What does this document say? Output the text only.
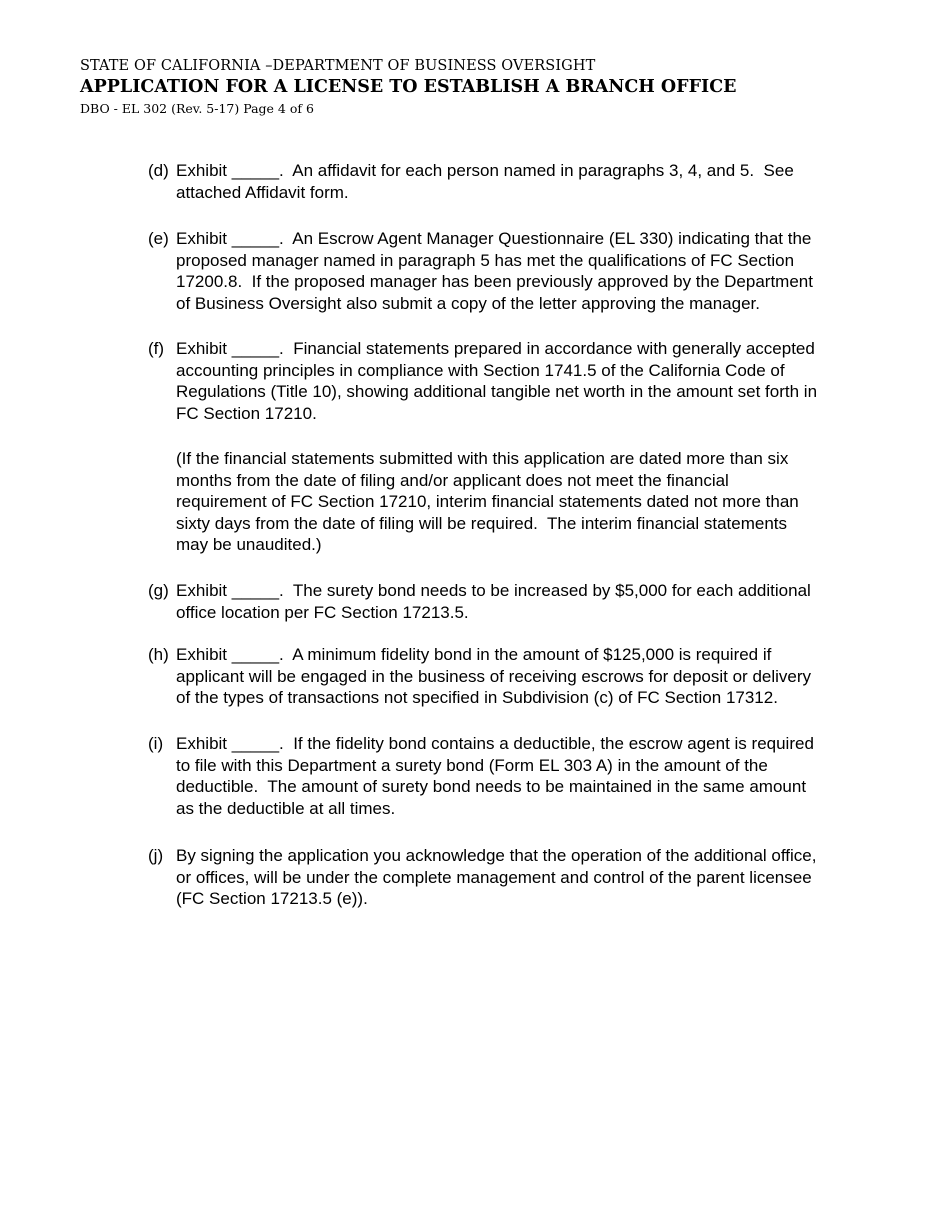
STATE OF CALIFORNIA –DEPARTMENT OF BUSINESS OVERSIGHT
APPLICATION FOR A LICENSE TO ESTABLISH A BRANCH OFFICE
DBO - EL 302 (Rev. 5-17) Page 4 of 6
(d) Exhibit _____.  An affidavit for each person named in paragraphs 3, 4, and 5.  See
attached Affidavit form.
(e) Exhibit _____.  An Escrow Agent Manager Questionnaire (EL 330) indicating that the
proposed manager named in paragraph 5 has met the qualifications of FC Section
17200.8.  If the proposed manager has been previously approved by the Department
of Business Oversight also submit a copy of the letter approving the manager.
(f) Exhibit _____.  Financial statements prepared in accordance with generally accepted
accounting principles in compliance with Section 1741.5 of the California Code of
Regulations (Title 10), showing additional tangible net worth in the amount set forth in
FC Section 17210.
(If the financial statements submitted with this application are dated more than six
months from the date of filing and/or applicant does not meet the financial
requirement of FC Section 17210, interim financial statements dated not more than
sixty days from the date of filing will be required.  The interim financial statements
may be unaudited.)
(g) Exhibit _____.  The surety bond needs to be increased by $5,000 for each additional
office location per FC Section 17213.5.
(h) Exhibit _____.  A minimum fidelity bond in the amount of $125,000 is required if
applicant will be engaged in the business of receiving escrows for deposit or delivery
of the types of transactions not specified in Subdivision (c) of FC Section 17312.
(i) Exhibit _____.  If the fidelity bond contains a deductible, the escrow agent is required
to file with this Department a surety bond (Form EL 303 A) in the amount of the
deductible.  The amount of surety bond needs to be maintained in the same amount
as the deductible at all times.
(j) By signing the application you acknowledge that the operation of the additional office,
or offices, will be under the complete management and control of the parent licensee
(FC Section 17213.5 (e)).
